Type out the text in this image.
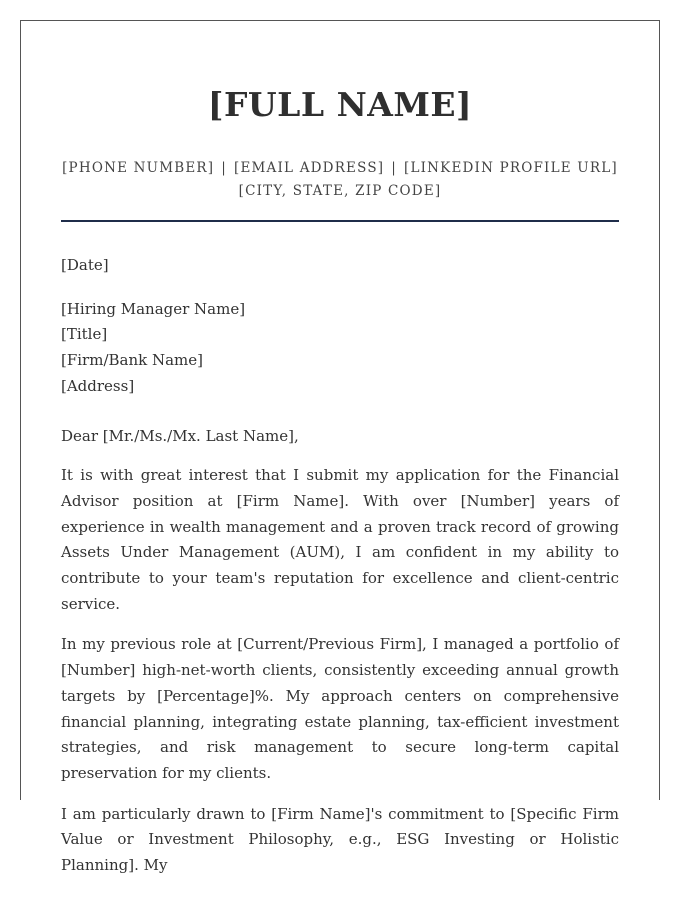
[FULL NAME]
[PHONE NUMBER] | [EMAIL ADDRESS] | [LINKEDIN PROFILE URL]
[CITY, STATE, ZIP CODE]
[Date]
[Hiring Manager Name]
[Title]
[Firm/Bank Name]
[Address]
Dear [Mr./Ms./Mx. Last Name],

It is with great interest that I submit my application for the Financial Advisor position at [Firm Name]. With over [Number] years of experience in wealth management and a proven track record of growing Assets Under Management (AUM), I am confident in my ability to contribute to your team's reputation for excellence and client-centric service.

In my previous role at [Current/Previous Firm], I managed a portfolio of [Number] high-net-worth clients, consistently exceeding annual growth targets by [Percentage]%. My approach centers on comprehensive financial planning, integrating estate planning, tax-efficient investment strategies, and risk management to secure long-term capital preservation for my clients.

I am particularly drawn to [Firm Name]'s commitment to [Specific Firm Value or Investment Philosophy, e.g., ESG Investing or Holistic Planning]. My
